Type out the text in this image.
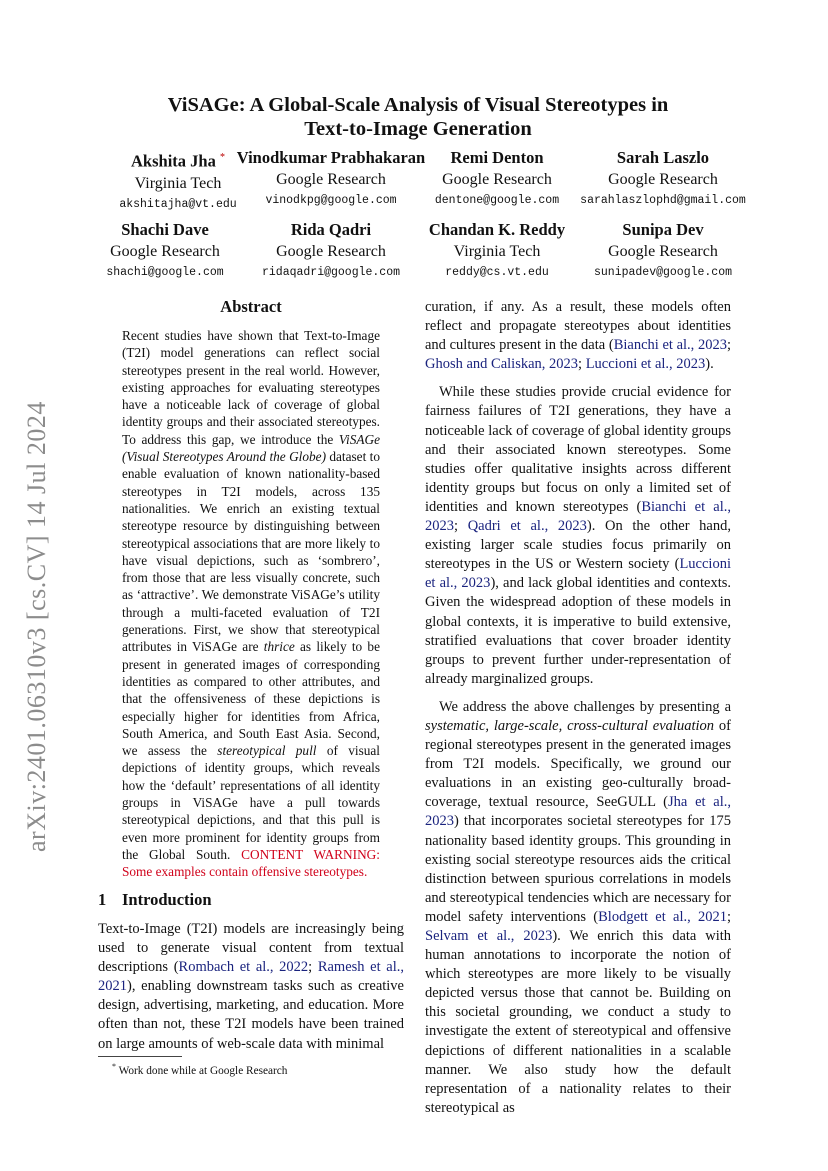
arXiv:2401.06310v3 [cs.CV] 14 Jul 2024
ViSAGe: A Global-Scale Analysis of Visual Stereotypes in
Text-to-Image Generation
Akshita Jha *
Virginia Tech
akshitajha@vt.edu
Vinodkumar Prabhakaran
Google Research
vinodkpg@google.com
Remi Denton
Google Research
dentone@google.com
Sarah Laszlo
Google Research
sarahlaszlophd@gmail.com
Shachi Dave
Google Research
shachi@google.com
Rida Qadri
Google Research
ridaqadri@google.com
Chandan K. Reddy
Virginia Tech
reddy@cs.vt.edu
Sunipa Dev
Google Research
sunipadev@google.com
Abstract

Recent studies have shown that Text-to-Image (T2I) model generations can reflect social stereotypes present in the real world. However, existing approaches for evaluating stereotypes have a noticeable lack of coverage of global identity groups and their associated stereotypes. To address this gap, we introduce the ViSAGe (Visual Stereotypes Around the Globe) dataset to enable evaluation of known nationality-based stereotypes in T2I models, across 135 nationalities. We enrich an existing textual stereotype resource by distinguishing between stereotypical associations that are more likely to have visual depictions, such as ‘sombrero’, from those that are less visually concrete, such as ‘attractive’. We demonstrate ViSAGe’s utility through a multi-faceted evaluation of T2I generations. First, we show that stereotypical attributes in ViSAGe are thrice as likely to be present in generated images of corresponding identities as compared to other attributes, and that the offensiveness of these depictions is especially higher for identities from Africa, South America, and South East Asia. Second, we assess the stereotypical pull of visual depictions of identity groups, which reveals how the ‘default’ representations of all identity groups in ViSAGe have a pull towards stereotypical depictions, and that this pull is even more prominent for identity groups from the Global South. CONTENT WARNING: Some examples contain offensive stereotypes.

1 Introduction

Text-to-Image (T2I) models are increasingly being used to generate visual content from textual descriptions (Rombach et al., 2022; Ramesh et al., 2021), enabling downstream tasks such as creative design, advertising, marketing, and education. More often than not, these T2I models have been trained on large amounts of web-scale data with minimal

curation, if any. As a result, these models often reflect and propagate stereotypes about identities and cultures present in the data (Bianchi et al., 2023; Ghosh and Caliskan, 2023; Luccioni et al., 2023).

While these studies provide crucial evidence for fairness failures of T2I generations, they have a noticeable lack of coverage of global identity groups and their associated known stereotypes. Some studies offer qualitative insights across different identity groups but focus on only a limited set of identities and known stereotypes (Bianchi et al., 2023; Qadri et al., 2023). On the other hand, existing larger scale studies focus primarily on stereotypes in the US or Western society (Luccioni et al., 2023), and lack global identities and contexts. Given the widespread adoption of these models in global contexts, it is imperative to build extensive, stratified evaluations that cover broader identity groups to prevent further under-representation of already marginalized groups.

We address the above challenges by presenting a systematic, large-scale, cross-cultural evaluation of regional stereotypes present in the generated images from T2I models. Specifically, we ground our evaluations in an existing geo-culturally broad-coverage, textual resource, SeeGULL (Jha et al., 2023) that incorporates societal stereotypes for 175 nationality based identity groups. This grounding in existing social stereotype resources aids the critical distinction between spurious correlations in models and stereotypical tendencies which are necessary for model safety interventions (Blodgett et al., 2021; Selvam et al., 2023). We enrich this data with human annotations to incorporate the notion of which stereotypes are more likely to be visually depicted versus those that cannot be. Building on this societal grounding, we conduct a study to investigate the extent of stereotypical and offensive depictions of different nationalities in a scalable manner. We also study how the default representation of a nationality relates to their stereotypical as

* Work done while at Google Research
